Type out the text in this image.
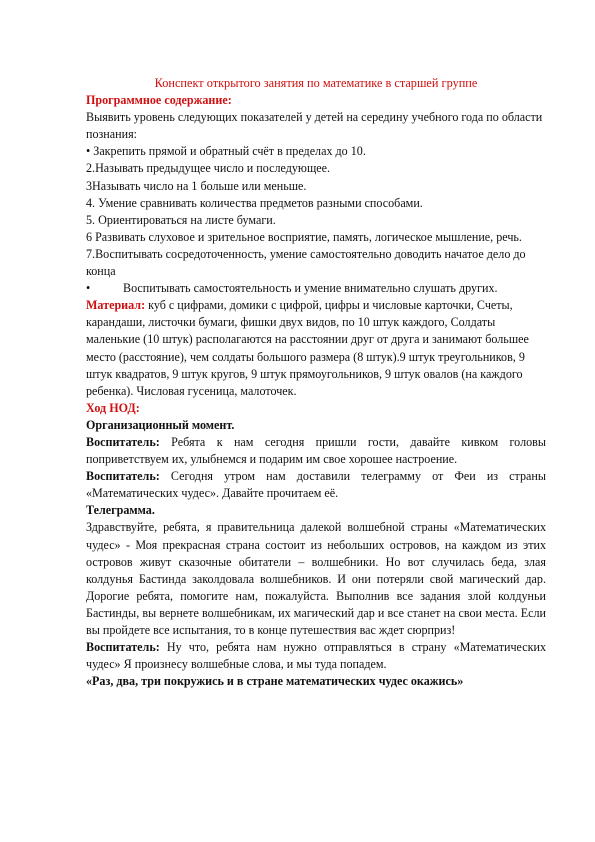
Конспект открытого занятия по математике в старшей группе

Программное содержание:

Выявить уровень следующих показателей у детей на середину учебного года по области познания:

• Закрепить прямой и обратный счёт в пределах до 10.

2.Называть предыдущее число и последующее.

3Называть число на 1 больше или меньше.

4. Умение сравнивать количества предметов разными способами.

5. Ориентироваться на листе бумаги.

6 Развивать слуховое и зрительное восприятие, память, логическое мышление, речь.

7.Воспитывать сосредоточенность, умение самостоятельно доводить начатое дело до конца

•	Воспитывать самостоятельность и умение внимательно слушать других.

Материал: куб с цифрами, домики с цифрой, цифры и числовые карточки, Счеты, карандаши, листочки бумаги, фишки двух видов, по 10 штук каждого, Солдаты маленькие (10 штук) располагаются на расстоянии друг от друга и занимают большее место (расстояние), чем солдаты большого размера (8 штук).9 штук треугольников, 9 штук квадратов, 9 штук кругов, 9 штук прямоугольников, 9 штук овалов (на каждого ребенка). Числовая гусеница, малоточек.

Ход НОД:

Организационный момент.

Воспитатель: Ребята к нам сегодня пришли гости, давайте кивком головы поприветствуем их, улыбнемся и подарим им свое хорошее настроение.

Воспитатель: Сегодня утром нам доставили телеграмму от Феи из страны «Математических чудес». Давайте прочитаем её.

Телеграмма.

Здравствуйте, ребята, я правительница далекой волшебной страны «Математических чудес» - Моя прекрасная страна состоит из небольших островов, на каждом из этих островов живут сказочные обитатели – волшебники. Но вот случилась беда, злая колдунья Бастинда заколдовала волшебников. И они потеряли свой магический дар. Дорогие ребята, помогите нам, пожалуйста. Выполнив все задания злой колдуньи Бастинды, вы вернете волшебникам, их магический дар и все станет на свои места. Если вы пройдете все испытания, то в конце путешествия вас ждет сюрприз!

Воспитатель: Ну что, ребята нам нужно отправляться в страну «Математических чудес» Я произнесу волшебные слова, и мы туда попадем.

«Раз, два, три покружись и в стране математических чудес окажись»
